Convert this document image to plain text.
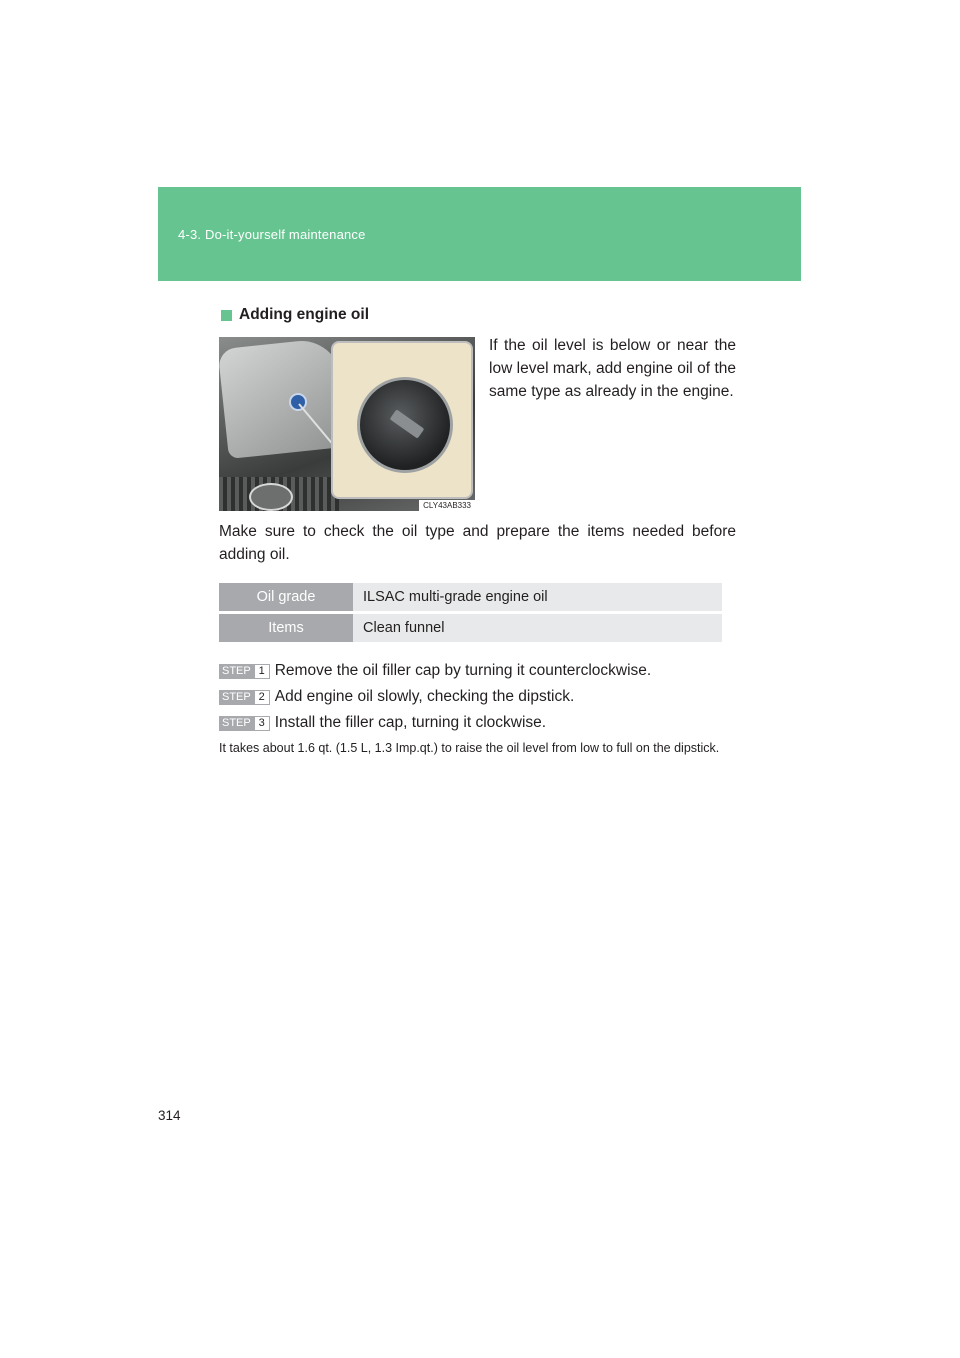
4-3. Do-it-yourself maintenance
Adding engine oil
CLY43AB333
If the oil level is below or near the low level mark, add engine oil of the same type as already in the engine.
Make sure to check the oil type and prepare the items needed before adding oil.
Oil grade	ILSAC multi-grade engine oil
Items	Clean funnel
STEP 1 Remove the oil filler cap by turning it counterclockwise.
STEP 2 Add engine oil slowly, checking the dipstick.
STEP 3 Install the filler cap, turning it clockwise.
It takes about 1.6 qt. (1.5 L, 1.3 Imp.qt.) to raise the oil level from low to full on the dipstick.
314
